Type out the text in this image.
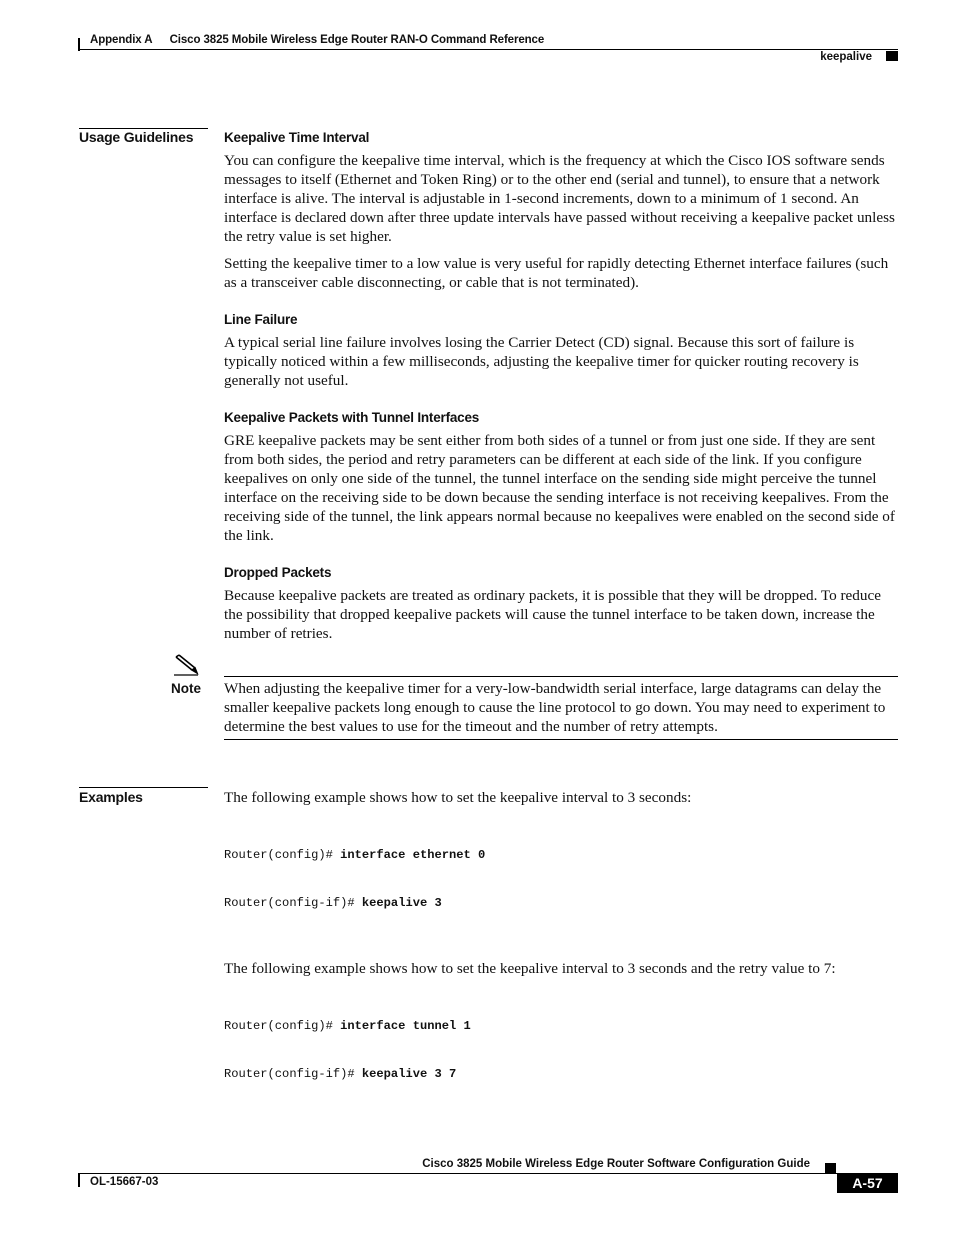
Appendix A Cisco 3825 Mobile Wireless Edge Router RAN-O Command Reference
keepalive
Usage Guidelines Keepalive Time Interval

You can configure the keepalive time interval, which is the frequency at which the Cisco IOS software sends messages to itself (Ethernet and Token Ring) or to the other end (serial and tunnel), to ensure that a network interface is alive. The interval is adjustable in 1-second increments, down to a minimum of 1 second. An interface is declared down after three update intervals have passed without receiving a keepalive packet unless the retry value is set higher.

Setting the keepalive timer to a low value is very useful for rapidly detecting Ethernet interface failures (such as a transceiver cable disconnecting, or cable that is not terminated).

Line Failure

A typical serial line failure involves losing the Carrier Detect (CD) signal. Because this sort of failure is typically noticed within a few milliseconds, adjusting the keepalive timer for quicker routing recovery is generally not useful.

Keepalive Packets with Tunnel Interfaces

GRE keepalive packets may be sent either from both sides of a tunnel or from just one side. If they are sent from both sides, the period and retry parameters can be different at each side of the link. If you configure keepalives on only one side of the tunnel, the tunnel interface on the sending side might perceive the tunnel interface on the receiving side to be down because the sending interface is not receiving keepalives. From the receiving side of the tunnel, the link appears normal because no keepalives were enabled on the second side of the link.

Dropped Packets

Because keepalive packets are treated as ordinary packets, it is possible that they will be dropped. To reduce the possibility that dropped keepalive packets will cause the tunnel interface to be taken down, increase the number of retries.

Note When adjusting the keepalive timer for a very-low-bandwidth serial interface, large datagrams can delay the smaller keepalive packets long enough to cause the line protocol to go down. You may need to experiment to determine the best values to use for the timeout and the number of retry attempts.

Examples	The following example shows how to set the keepalive interval to 3 seconds:

Router(config)# interface ethernet 0

Router(config-if)# keepalive 3

The following example shows how to set the keepalive interval to 3 seconds and the retry value to 7:

Router(config)# interface tunnel 1

Router(config-if)# keepalive 3 7

Cisco 3825 Mobile Wireless Edge Router Software Configuration Guide
OL-15667-03	A-57
